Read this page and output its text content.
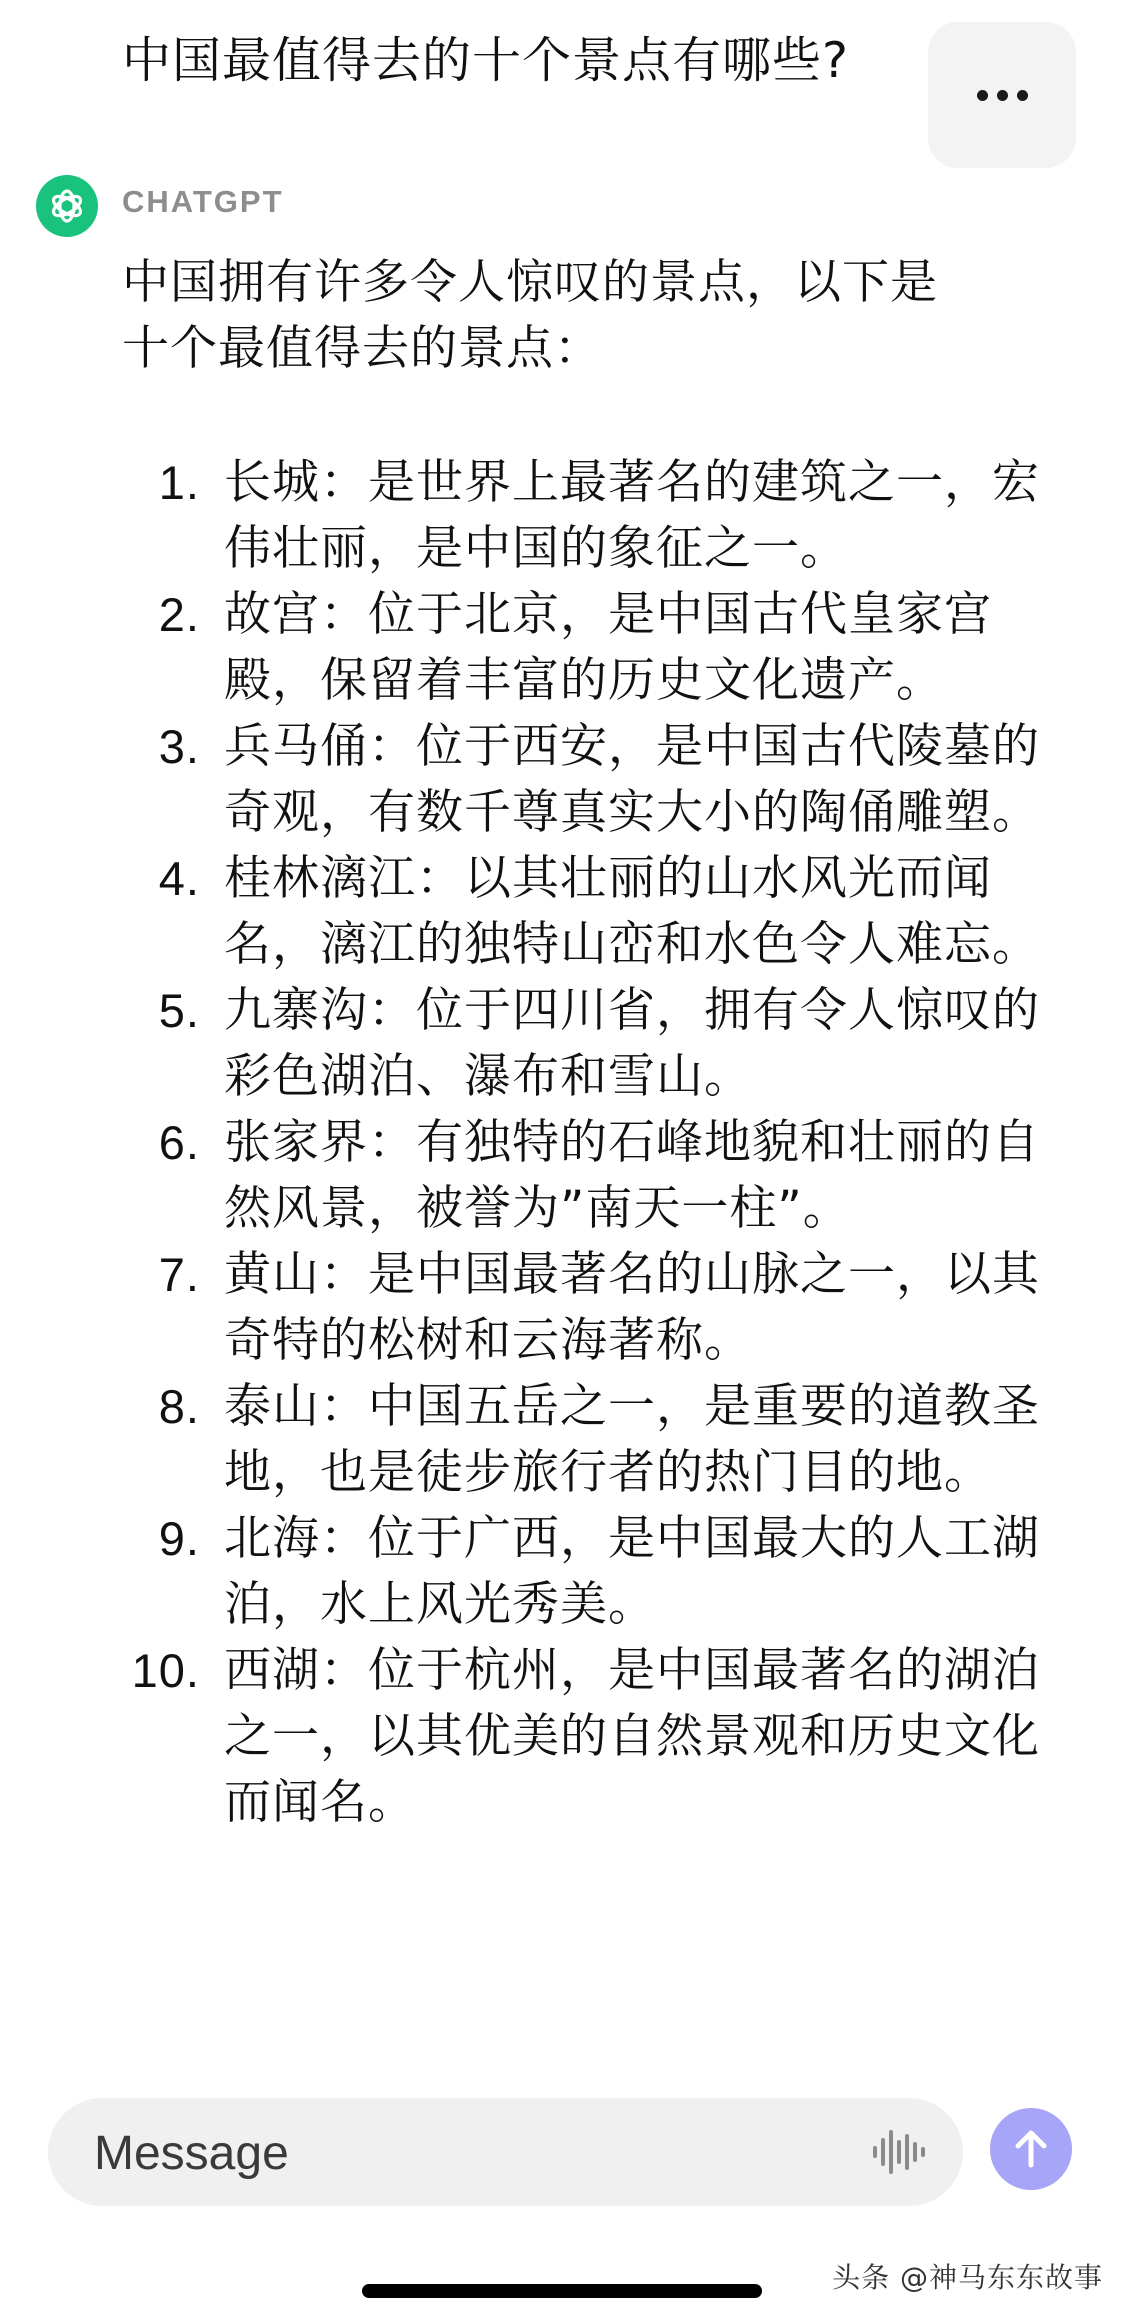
中国最值得去的十个景点有哪些?
CHATGPT
中国拥有许多令人惊叹的景点，以下是
十个最值得去的景点：
1. 长城：是世界上最著名的建筑之一，宏伟壮丽，是中国的象征之一。
2. 故宫：位于北京，是中国古代皇家宫殿，保留着丰富的历史文化遗产。
3. 兵马俑：位于西安，是中国古代陵墓的奇观，有数千尊真实大小的陶俑雕塑。
4. 桂林漓江：以其壮丽的山水风光而闻名，漓江的独特山峦和水色令人难忘。
5. 九寨沟：位于四川省，拥有令人惊叹的彩色湖泊、瀑布和雪山。
6. 张家界：有独特的石峰地貌和壮丽的自然风景，被誉为”南天一柱”。
7. 黄山：是中国最著名的山脉之一，以其奇特的松树和云海著称。
8. 泰山：中国五岳之一，是重要的道教圣地，也是徒步旅行者的热门目的地。
9. 北海：位于广西，是中国最大的人工湖泊，水上风光秀美。
10. 西湖：位于杭州，是中国最著名的湖泊之一，以其优美的自然景观和历史文化而闻名。
Message
头条 @神马东东故事
